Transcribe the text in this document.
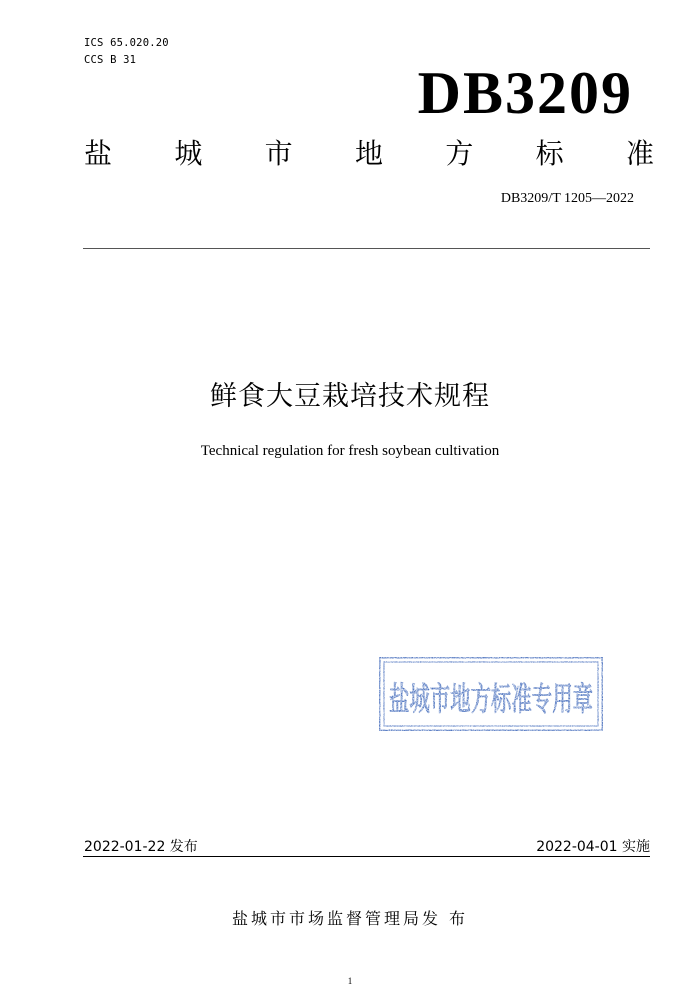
ICS 65.020.20
CCS B 31	DB3209
盐 城 市 地 方 标 准
DB3209/T 1205—2022
鲜食大豆栽培技术规程
Technical regulation for fresh soybean cultivation
盐城市地方标准专用章
2022-01-22 发布	2022-04-01 实施
盐城市市场监督管理局发 布
1
